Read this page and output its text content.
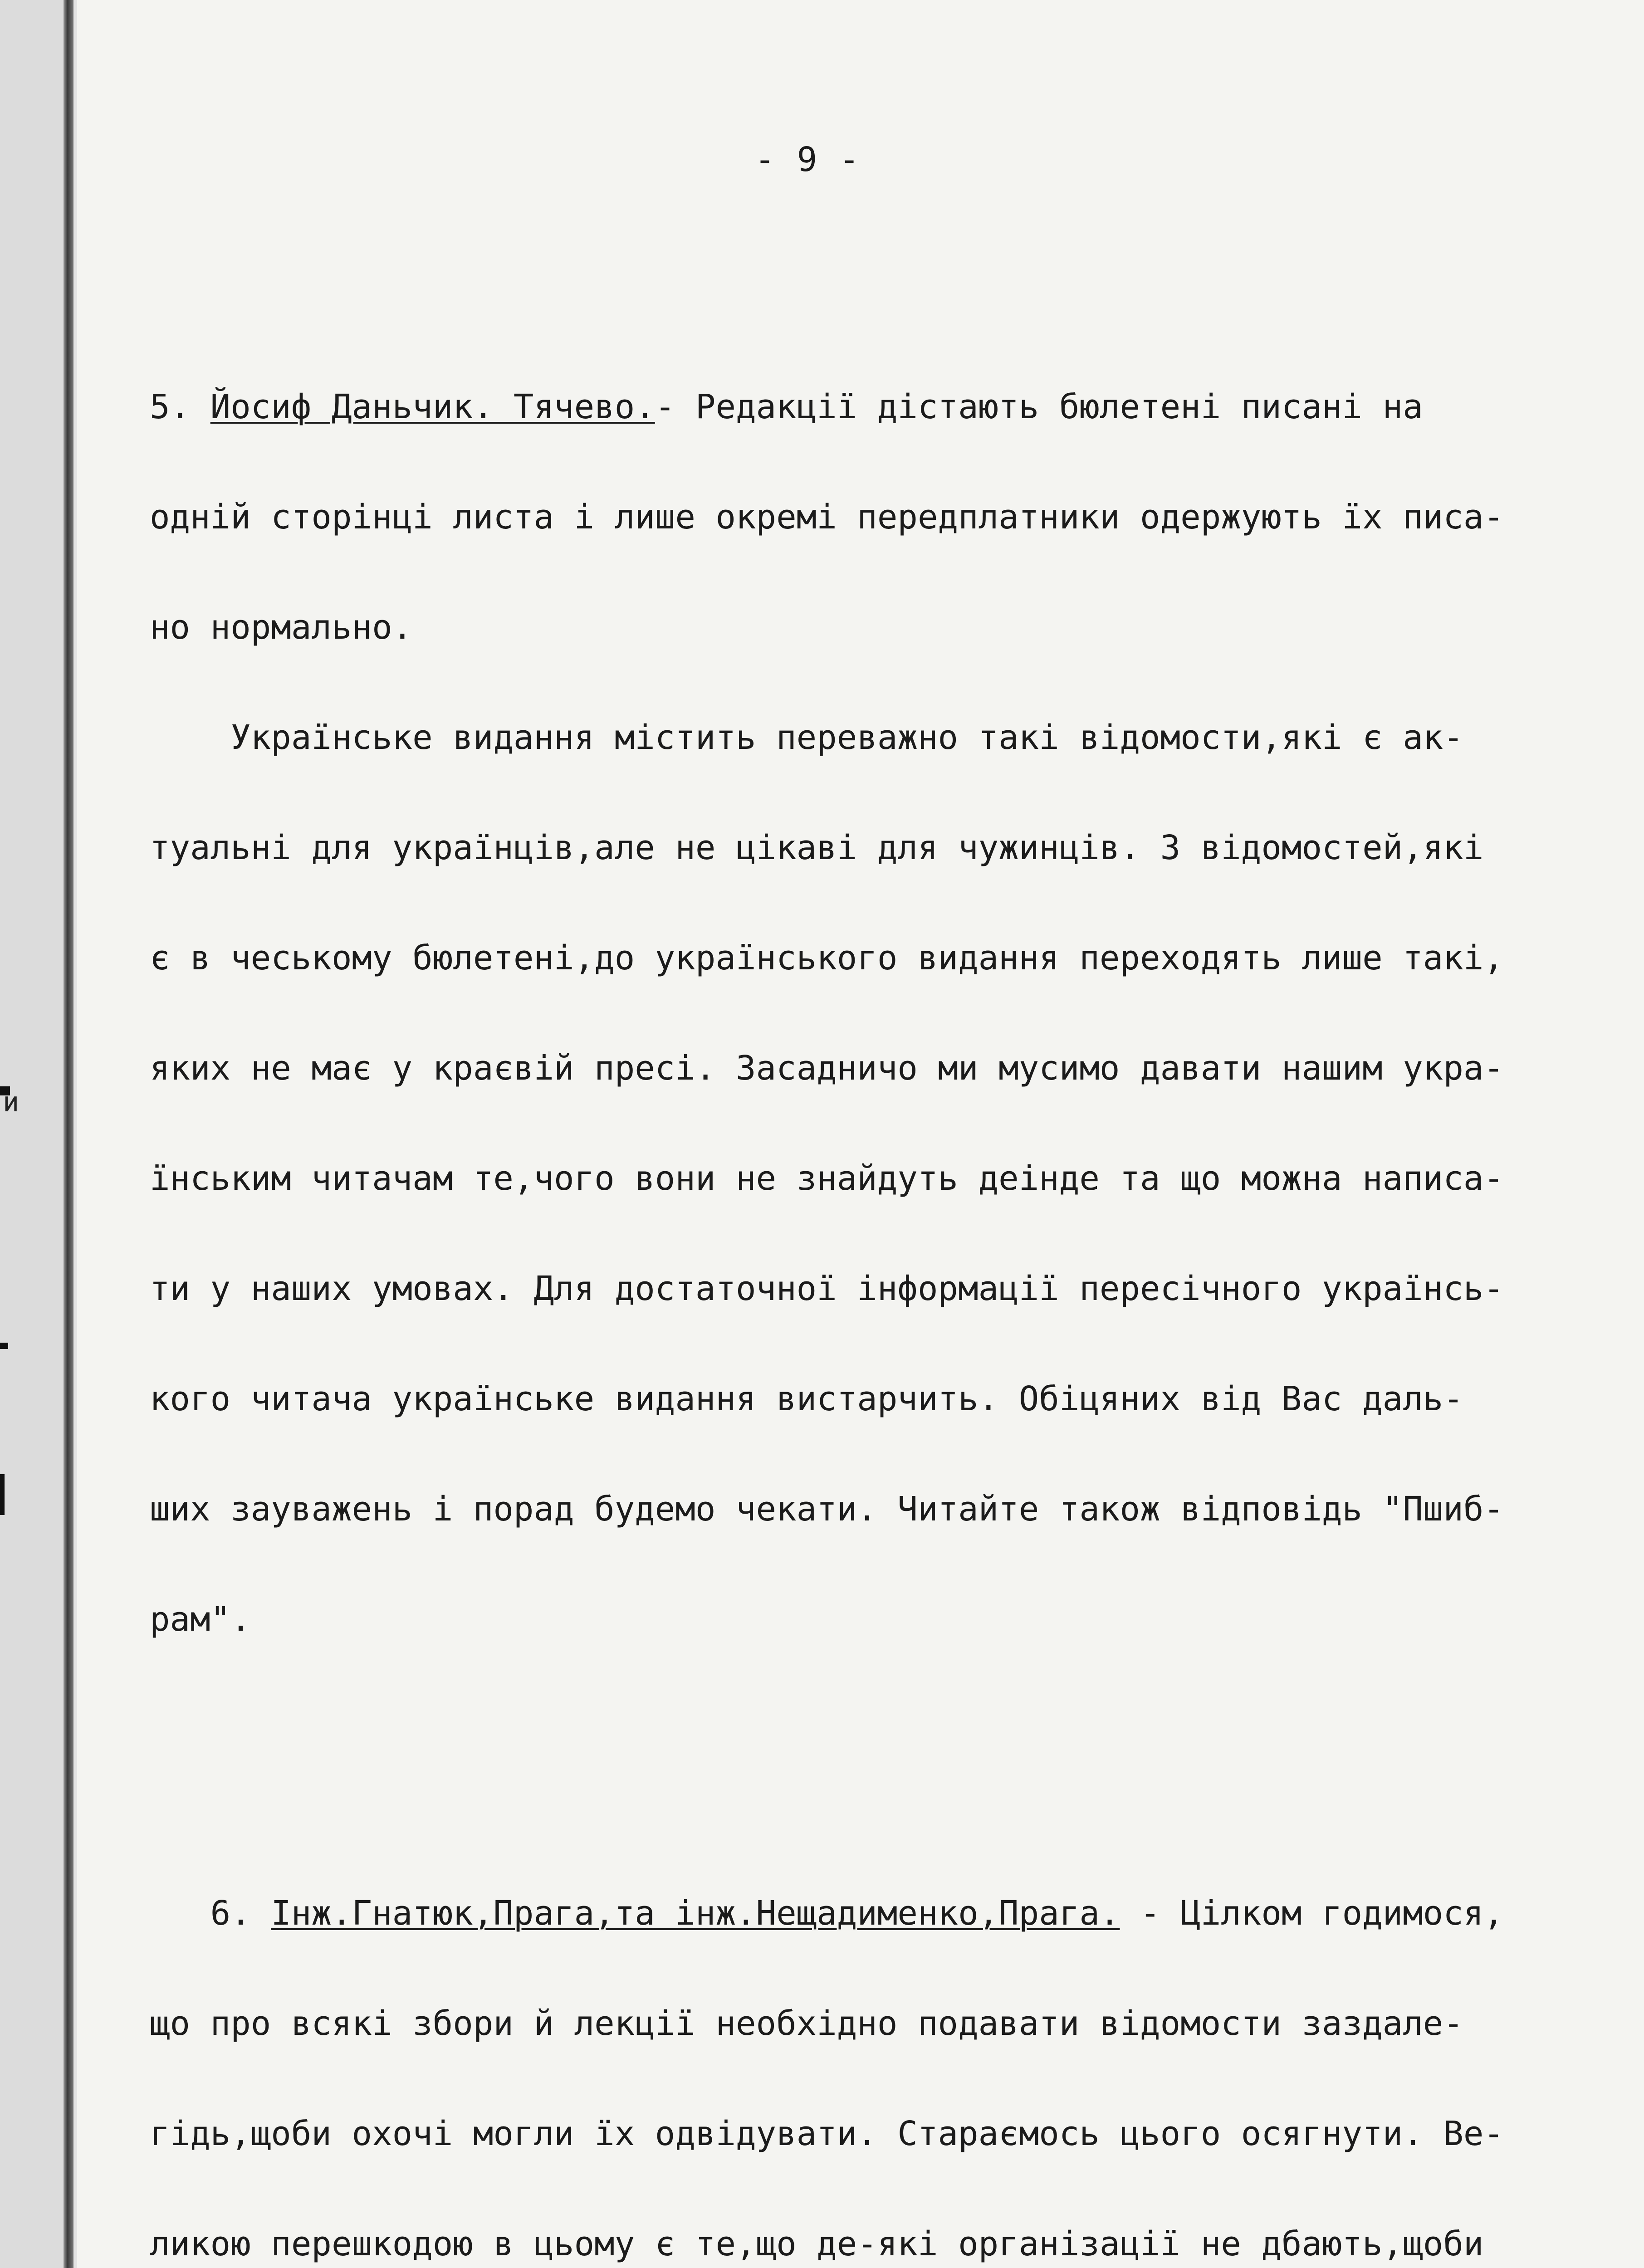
и

- 9 -

5. Йосиф Даньчик. Тячево.- Редакції дістають бюлетені писані на

одній сторінці листа і лише окремі передплатники одержують їх писа-

но нормально.

Українське видання містить переважно такі відомости,які є ак-

туальні для українців,але не цікаві для чужинців. З відомостей,які

є в чеському бюлетені,до українського видання переходять лише такі,

яких не має у краєвій пресі. Засадничо ми мусимо давати нашим укра-

їнським читачам те,чого вони не знайдуть деінде та що можна написа-

ти у наших умовах. Для достаточної інформації пересічного українсь-

кого читача українське видання вистарчить. Обіцяних від Вас даль-

ших зауважень і порад будемо чекати. Читайте також відповідь "Пшиб-

рам".

6. Інж.Гнатюк,Прага,та інж.Нещадименко,Прага. - Цілком годимося,

що про всякі збори й лекції необхідно подавати відомости заздале-

гідь,щоби охочі могли їх одвідувати. Стараємось цього осягнути. Ве-

ликою перешкодою в цьому є те,що де-які організації не дбають,щоби
